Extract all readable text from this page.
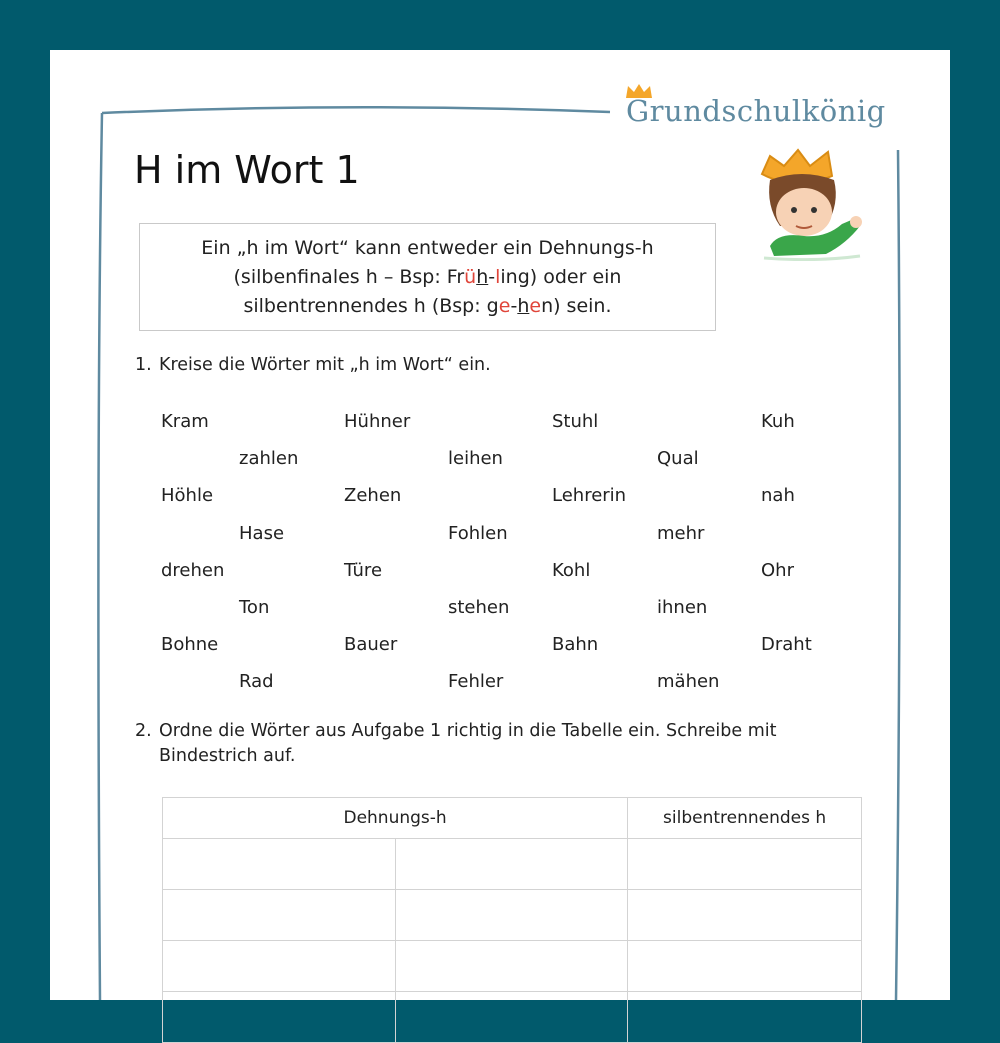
Grundschulkönig
H im Wort 1
Ein „h im Wort“ kann entweder ein Dehnungs-h
(silbenfinales h – Bsp: Früh-ling) oder ein
silbentrennendes h (Bsp: ge-hen) sein.
1. Kreise die Wörter mit „h im Wort“ ein.
Kram	Hühner	Stuhl	Kuh
zahlen	leihen	Qual
Höhle	Zehen	Lehrerin	nah
Hase	Fohlen	mehr
drehen	Türe	Kohl	Ohr
Ton	stehen	ihnen
Bohne	Bauer	Bahn	Draht
Rad	Fehler	mähen
2. Ordne die Wörter aus Aufgabe 1 richtig in die Tabelle ein. Schreibe mit
Bindestrich auf.
Dehnungs-h		silbentrennendes h
